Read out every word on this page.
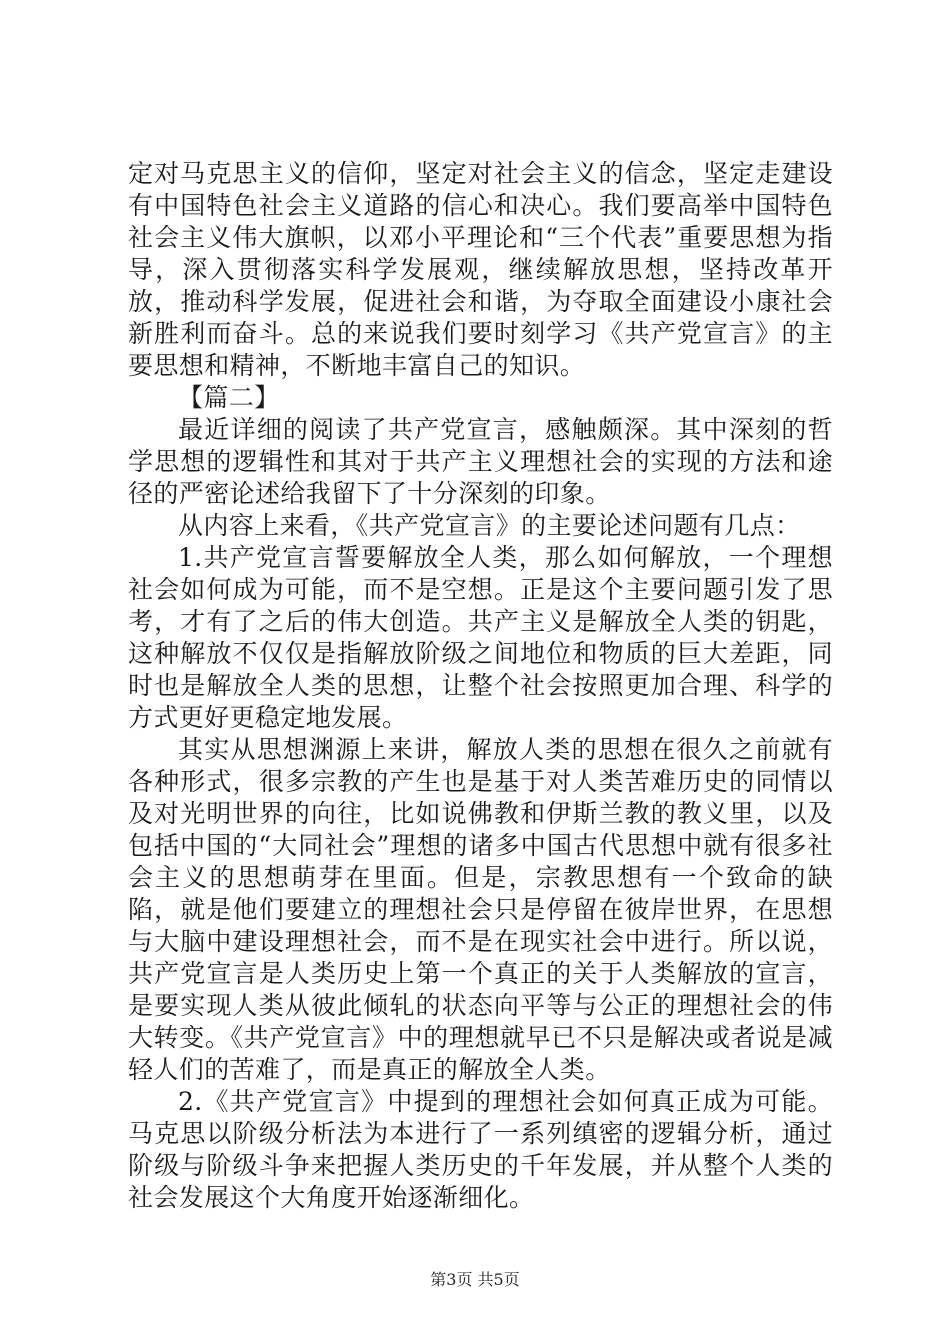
定对马克思主义的信仰，坚定对社会主义的信念，坚定走建设有中国特色社会主义道路的信心和决心。我们要高举中国特色社会主义伟大旗帜，以邓小平理论和“三个代表”重要思想为指导，深入贯彻落实科学发展观，继续解放思想，坚持改革开放，推动科学发展，促进社会和谐，为夺取全面建设小康社会新胜利而奋斗。总的来说我们要时刻学习《共产党宣言》的主要思想和精神，不断地丰富自己的知识。

【篇二】

最近详细的阅读了共产党宣言，感触颇深。其中深刻的哲学思想的逻辑性和其对于共产主义理想社会的实现的方法和途径的严密论述给我留下了十分深刻的印象。

从内容上来看，《共产党宣言》的主要论述问题有几点：

1.共产党宣言誓要解放全人类，那么如何解放，一个理想社会如何成为可能，而不是空想。正是这个主要问题引发了思考，才有了之后的伟大创造。共产主义是解放全人类的钥匙，这种解放不仅仅是指解放阶级之间地位和物质的巨大差距，同时也是解放全人类的思想，让整个社会按照更加合理、科学的方式更好更稳定地发展。

其实从思想渊源上来讲，解放人类的思想在很久之前就有各种形式，很多宗教的产生也是基于对人类苦难历史的同情以及对光明世界的向往，比如说佛教和伊斯兰教的教义里，以及包括中国的“大同社会”理想的诸多中国古代思想中就有很多社会主义的思想萌芽在里面。但是，宗教思想有一个致命的缺陷，就是他们要建立的理想社会只是停留在彼岸世界，在思想与大脑中建设理想社会，而不是在现实社会中进行。所以说，共产党宣言是人类历史上第一个真正的关于人类解放的宣言，是要实现人类从彼此倾轧的状态向平等与公正的理想社会的伟大转变。《共产党宣言》中的理想就早已不只是解决或者说是减轻人们的苦难了，而是真正的解放全人类。

2.《共产党宣言》中提到的理想社会如何真正成为可能。马克思以阶级分析法为本进行了一系列缜密的逻辑分析，通过阶级与阶级斗争来把握人类历史的千年发展，并从整个人类的社会发展这个大角度开始逐渐细化。

第3页 共5页
